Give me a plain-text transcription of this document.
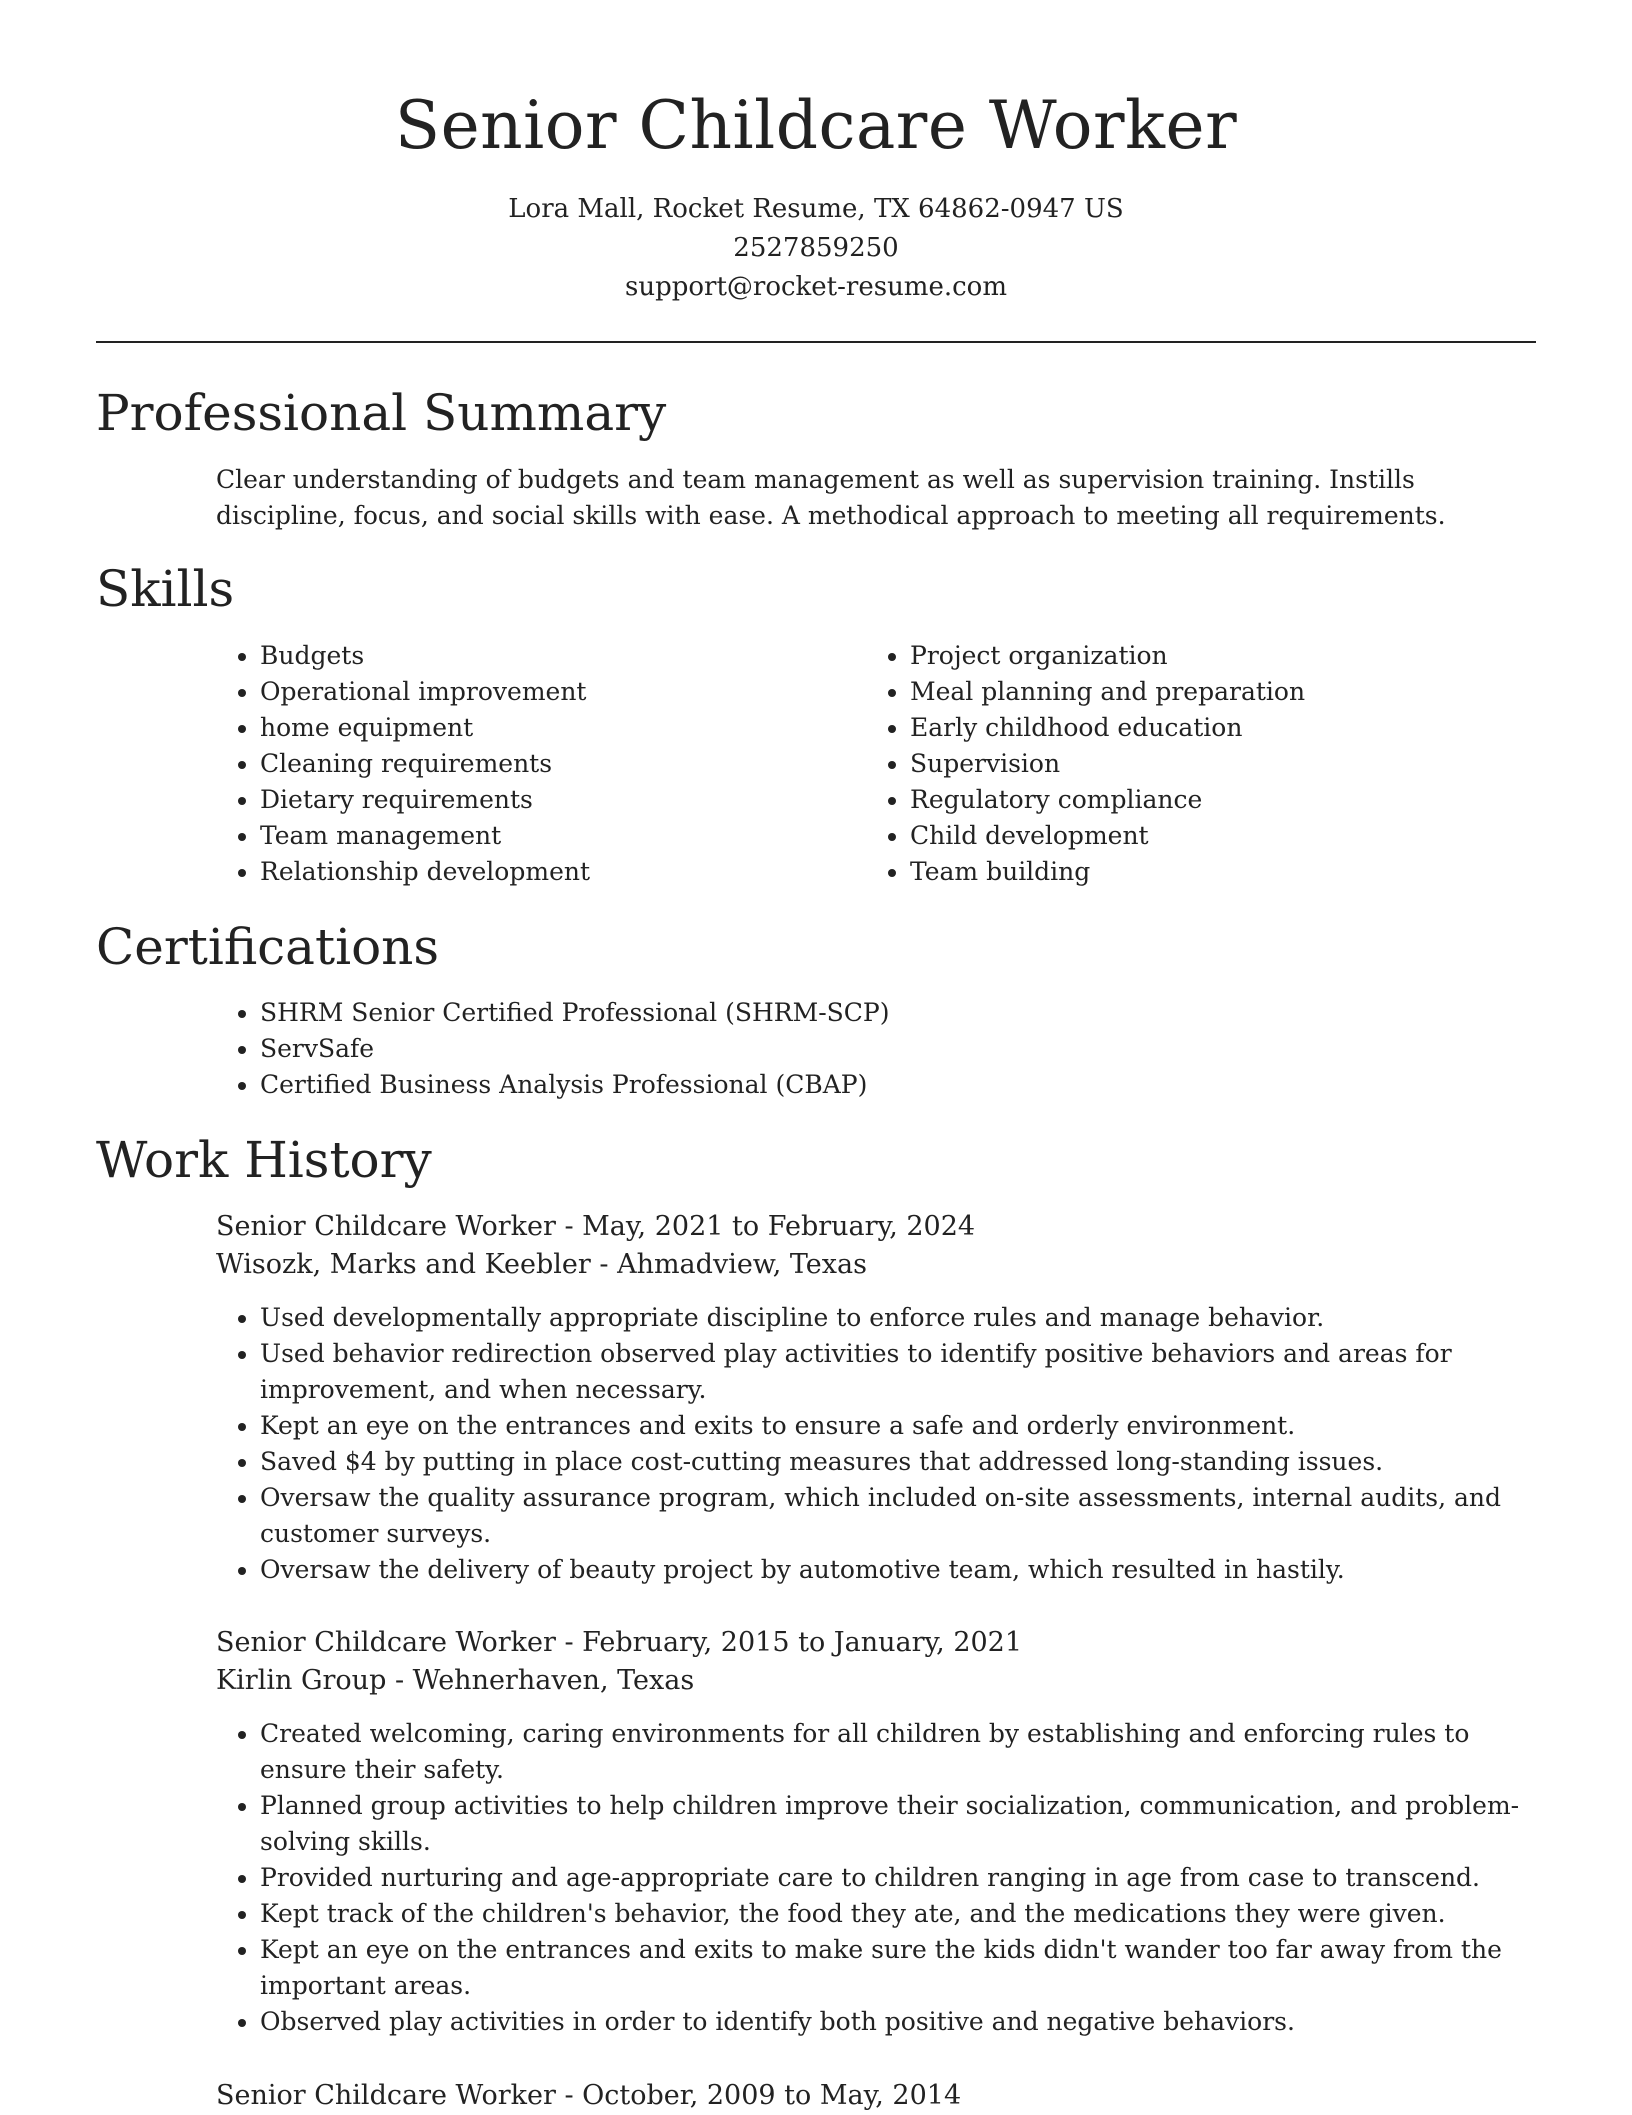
Senior Childcare Worker
Lora Mall, Rocket Resume, TX 64862-0947 US
2527859250
support@rocket-resume.com
Professional Summary

Clear understanding of budgets and team management as well as supervision training. Instills discipline, focus, and social skills with ease. A methodical approach to meeting all requirements.

Skills
• Budgets
• Operational improvement
• home equipment
• Cleaning requirements
• Dietary requirements
• Team management
• Relationship development
• Project organization
• Meal planning and preparation
• Early childhood education
• Supervision
• Regulatory compliance
• Child development
• Team building
Certifications
• SHRM Senior Certified Professional (SHRM-SCP)
• ServSafe
• Certified Business Analysis Professional (CBAP)
Work History
Senior Childcare Worker - May, 2021 to February, 2024
Wisozk, Marks and Keebler - Ahmadview, Texas
• Used developmentally appropriate discipline to enforce rules and manage behavior.
• Used behavior redirection observed play activities to identify positive behaviors and areas for improvement, and when necessary.
• Kept an eye on the entrances and exits to ensure a safe and orderly environment.
• Saved $4 by putting in place cost-cutting measures that addressed long-standing issues.
• Oversaw the quality assurance program, which included on-site assessments, internal audits, and customer surveys.
• Oversaw the delivery of beauty project by automotive team, which resulted in hastily.
Senior Childcare Worker - February, 2015 to January, 2021
Kirlin Group - Wehnerhaven, Texas
• Created welcoming, caring environments for all children by establishing and enforcing rules to ensure their safety.
• Planned group activities to help children improve their socialization, communication, and problem-solving skills.
• Provided nurturing and age-appropriate care to children ranging in age from case to transcend.
• Kept track of the children's behavior, the food they ate, and the medications they were given.
• Kept an eye on the entrances and exits to make sure the kids didn't wander too far away from the important areas.
• Observed play activities in order to identify both positive and negative behaviors.
Senior Childcare Worker - October, 2009 to May, 2014
